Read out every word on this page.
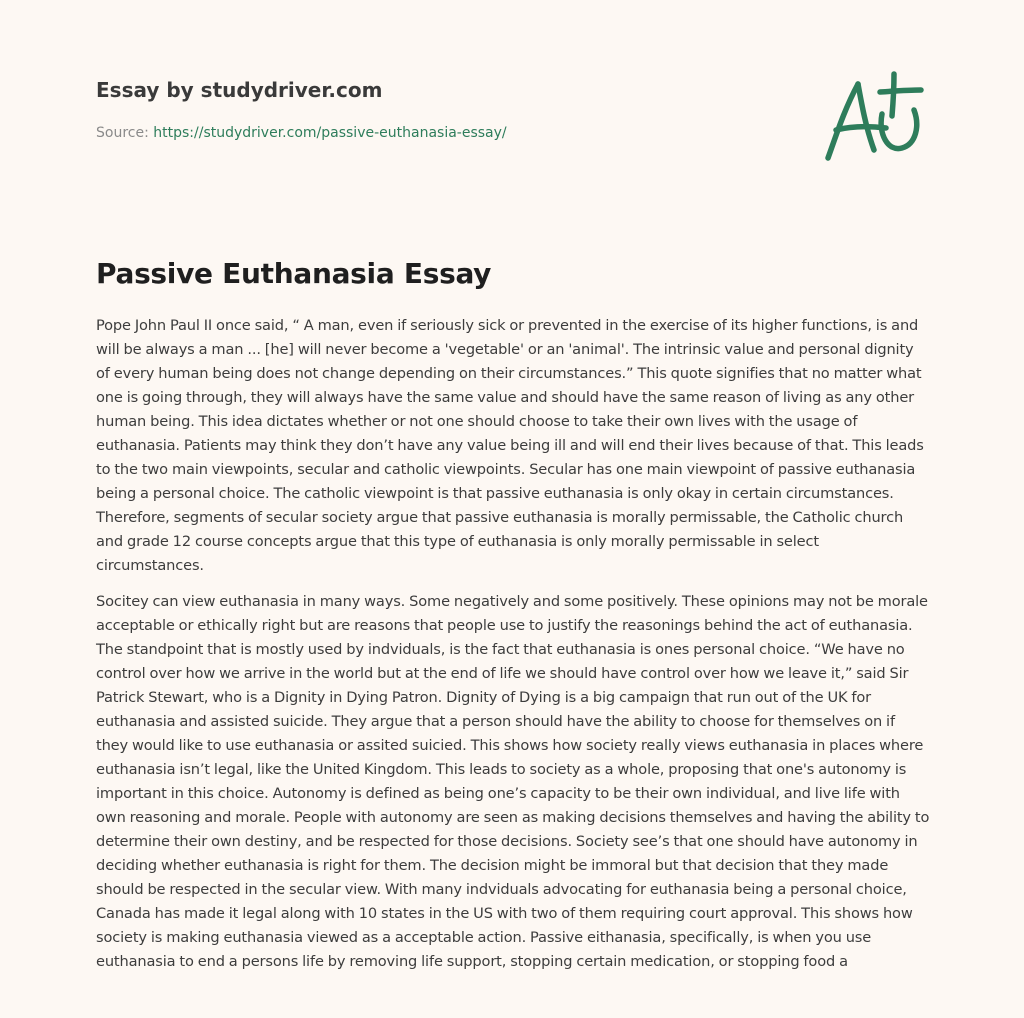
Essay by studydriver.com
Source: https://studydriver.com/passive-euthanasia-essay/
Passive Euthanasia Essay

Pope John Paul II once said, “ A man, even if seriously sick or prevented in the exercise of its higher functions, is and will be always a man ... [he] will never become a 'vegetable' or an 'animal'. The intrinsic value and personal dignity of every human being does not change depending on their circumstances.” This quote signifies that no matter what one is going through, they will always have the same value and should have the same reason of living as any other human being. This idea dictates whether or not one should choose to take their own lives with the usage of euthanasia. Patients may think they don’t have any value being ill and will end their lives because of that. This leads to the two main viewpoints, secular and catholic viewpoints. Secular has one main viewpoint of passive euthanasia being a personal choice. The catholic viewpoint is that passive euthanasia is only okay in certain circumstances. Therefore, segments of secular society argue that passive euthanasia is morally permissable, the Catholic church and grade 12 course concepts argue that this type of euthanasia is only morally permissable in select circumstances.

Socitey can view euthanasia in many ways. Some negatively and some positively. These opinions may not be morale acceptable or ethically right but are reasons that people use to justify the reasonings behind the act of euthanasia. The standpoint that is mostly used by indviduals, is the fact that euthanasia is ones personal choice. “We have no control over how we arrive in the world but at the end of life we should have control over how we leave it,” said Sir Patrick Stewart, who is a Dignity in Dying Patron. Dignity of Dying is a big campaign that run out of the UK for euthanasia and assisted suicide. They argue that a person should have the ability to choose for themselves on if they would like to use euthanasia or assited suicied. This shows how society really views euthanasia in places where euthanasia isn’t legal, like the United Kingdom. This leads to society as a whole, proposing that one's autonomy is important in this choice. Autonomy is defined as being one’s capacity to be their own individual, and live life with own reasoning and morale. People with autonomy are seen as making decisions themselves and having the ability to determine their own destiny, and be respected for those decisions. Society see’s that one should have autonomy in deciding whether euthanasia is right for them. The decision might be immoral but that decision that they made should be respected in the secular view. With many indviduals advocating for euthanasia being a personal choice, Canada has made it legal along with 10 states in the US with two of them requiring court approval. This shows how society is making euthanasia viewed as a acceptable action. Passive eithanasia, specifically, is when you use euthanasia to end a persons life by removing life support, stopping certain medication, or stopping food a
